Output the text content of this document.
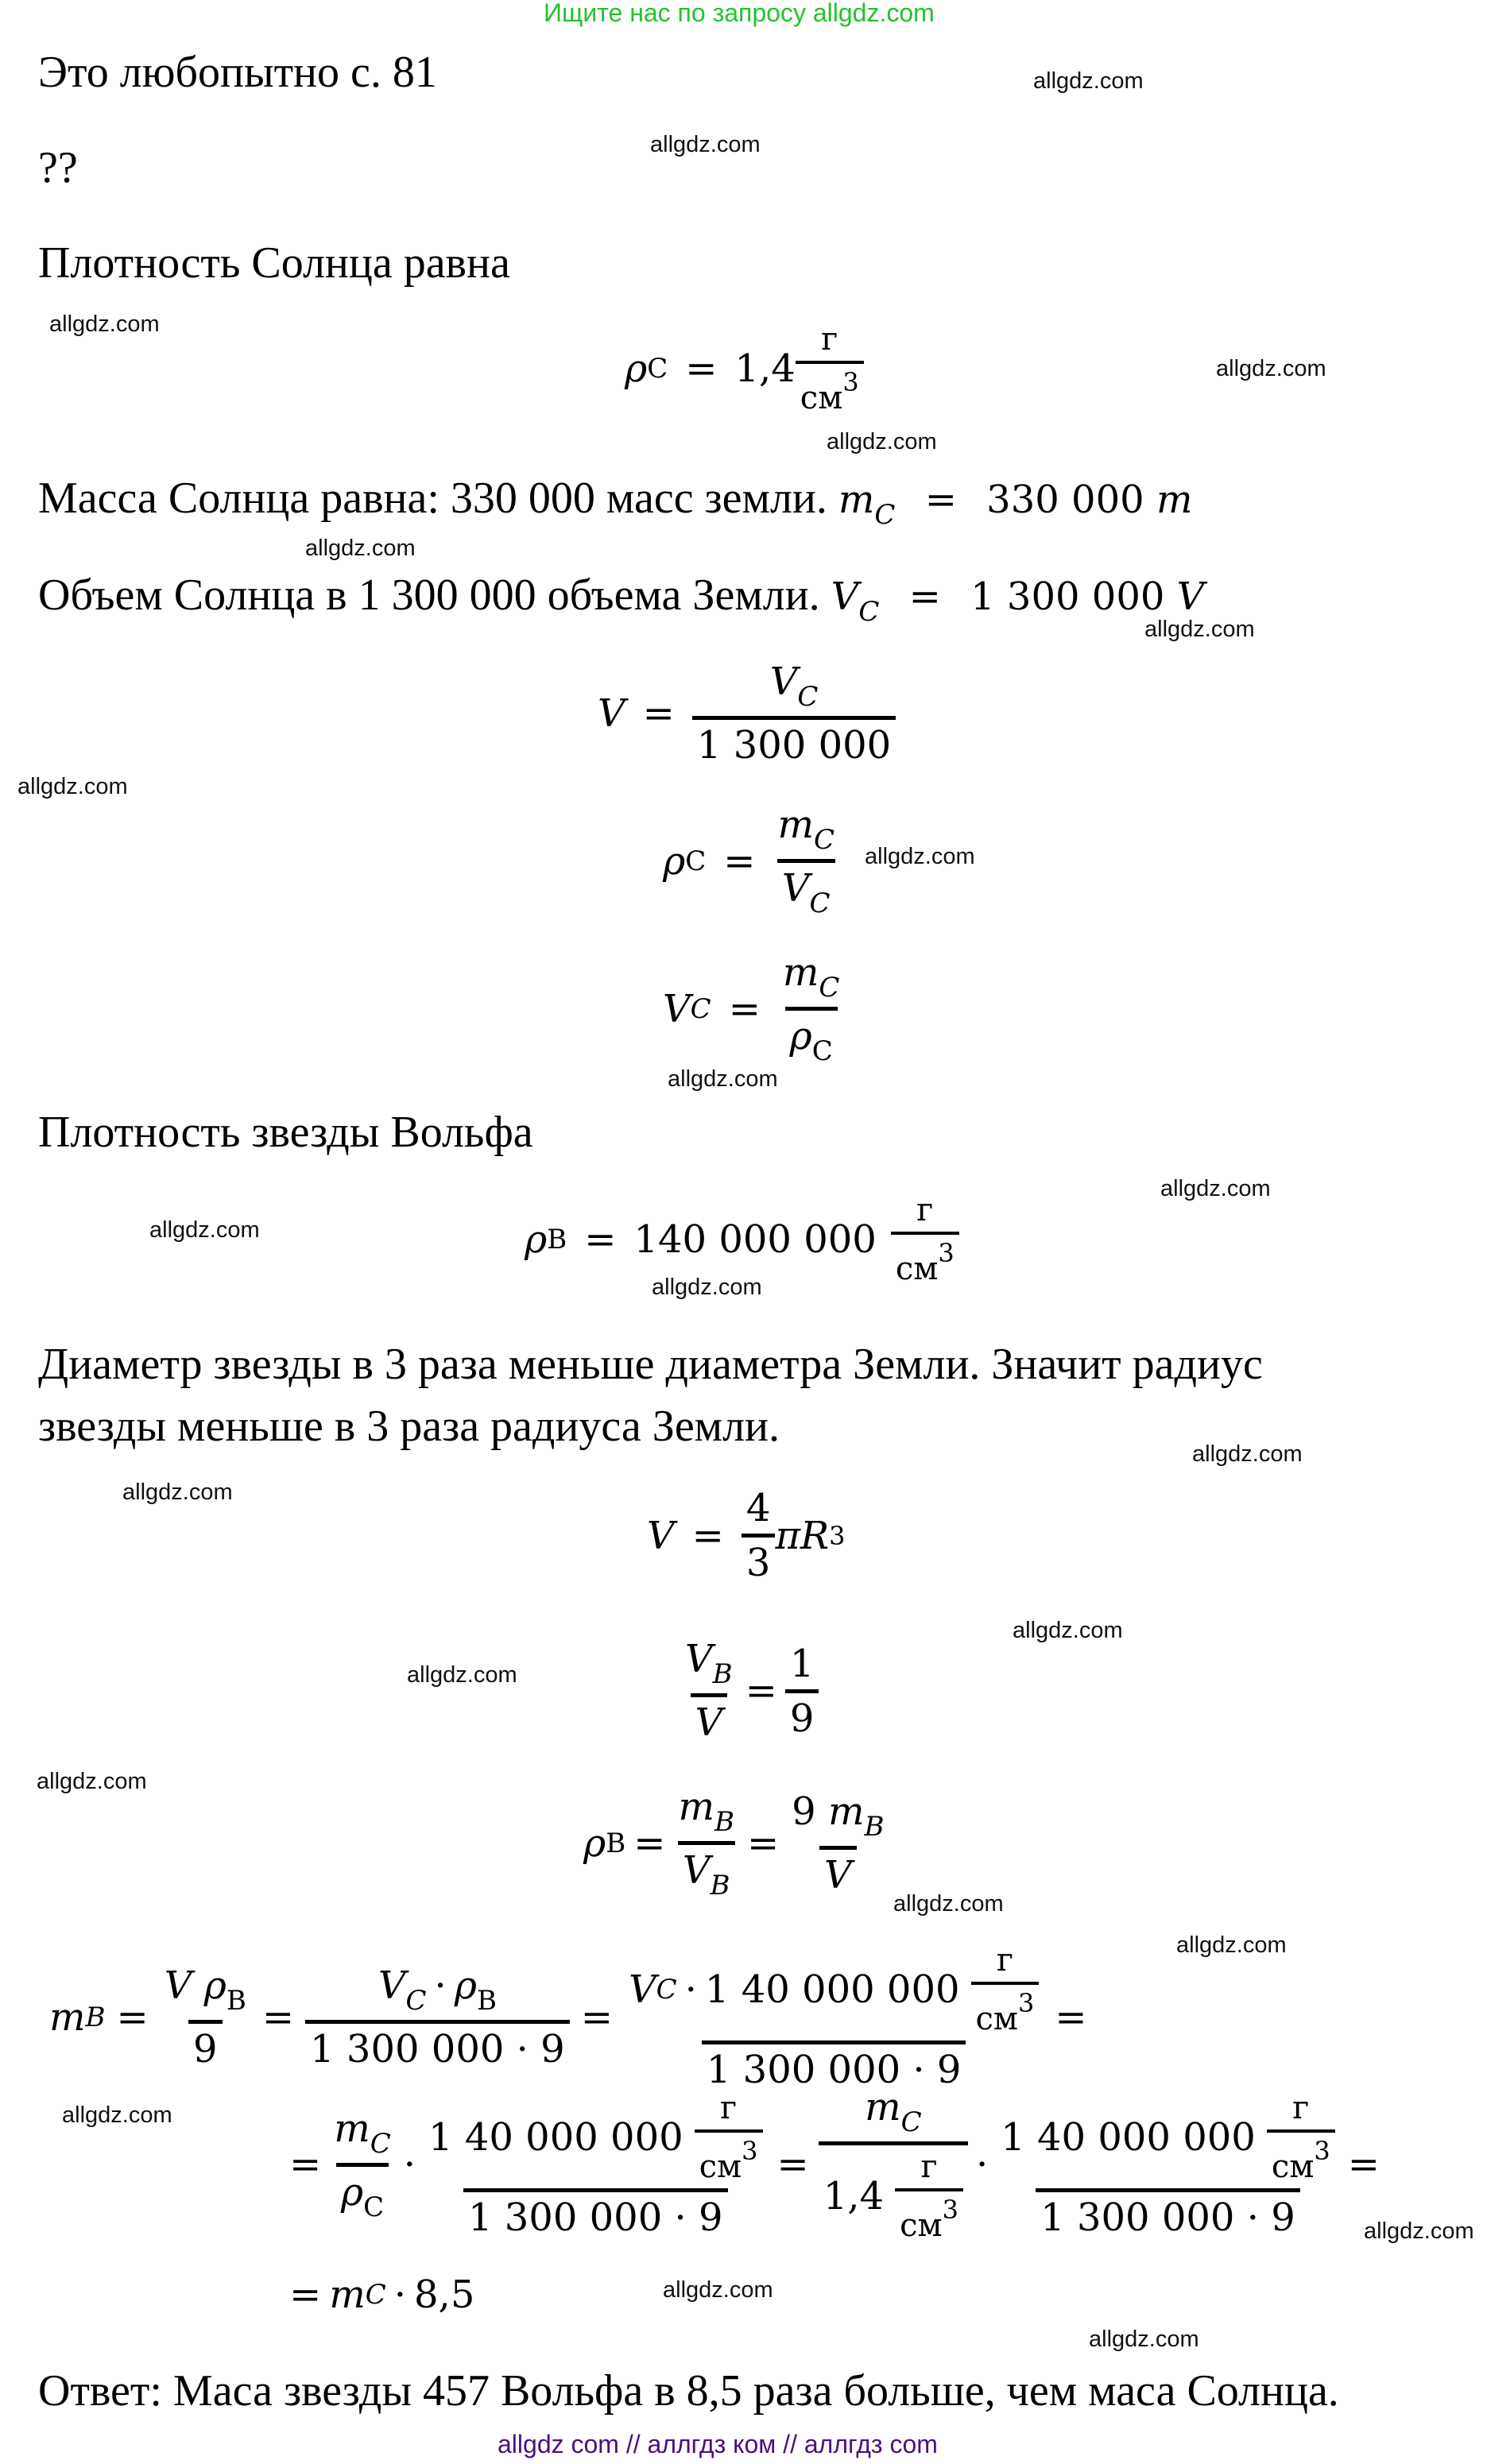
Ищите нас по запросу allgdz.com
allgdz com // аллгдз ком // аллгдз com
allgdz.com
allgdz.com
allgdz.com
allgdz.com
allgdz.com
allgdz.com
allgdz.com
allgdz.com
allgdz.com
allgdz.com
allgdz.com
allgdz.com
allgdz.com
allgdz.com
allgdz.com
allgdz.com
allgdz.com
allgdz.com
allgdz.com
allgdz.com
allgdz.com
allgdz.com
allgdz.com
allgdz.com
Это любопытно с. 81
??
Плотность Солнца равна
ρ $С = 1,4 \frac{г}{см^3}$
Масса Солнца равна: 330 000 масс земли. $m_C = 330$ 000 m
Объем Солнца в 1 300 000 объема Земли. $V_C = 1$ 300 000 V
$V = \frac{V_C}{1 300 000}$
ρ $С = \frac{m_C}{V_C}$
V $C = \frac{m_C}{\rho_С}$
Плотность звезды Вольфа
ρ В = 140 000 $000 \frac{г}{см^3}$
Диаметр звезды в 3 раза меньше диаметра Земли. Значит радиус
звезды меньше в 3 раза радиуса Земли.
$V = \frac{4}{3}$ π R 3
$\frac{V_B}{V} = \frac{1}{9}$
ρ $В = \frac{m_B}{V_B} = \frac{9 m_B}{V}$
m $B = \frac{V \rho_В}{9} = \frac{V_C \cdot \rho_В}{1 300 000 \cdot 9} = \frac{V C \cdot 1 40 000 000 \frac{г}{см^3}}{1 300 000 \cdot 9}$ =
= $\frac{m_C}{\rho_С} \cdot \frac{1 40 000 000 \frac{г}{см^3}}{1 300 000 \cdot 9} = \frac{m_C}{1,4 \frac{г}{см^3}} \cdot \frac{1 40 000 000 \frac{г}{см^3}}{1 300 000 \cdot 9}$ =
= m C · 8,5
Ответ: Маса звезды 457 Вольфа в 8,5 раза больше, чем маса Солнца.
